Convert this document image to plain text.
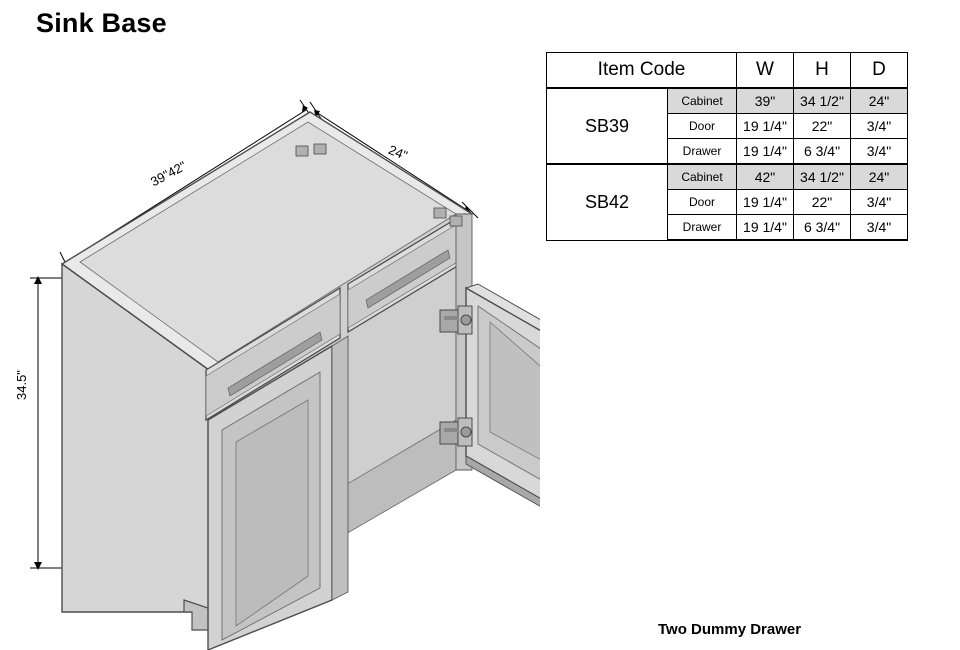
Sink Base
34.5"
39"42"
24"
Item Code		W	H	D
SB39	Cabinet	39"	34 1/2"	24"
	Door	19 1/4"	22"	3/4"
	Drawer	19 1/4"	6 3/4"	3/4"
SB42	Cabinet	42"	34 1/2"	24"
	Door	19 1/4"	22"	3/4"
	Drawer	19 1/4"	6 3/4"	3/4"
Two Dummy Drawer
